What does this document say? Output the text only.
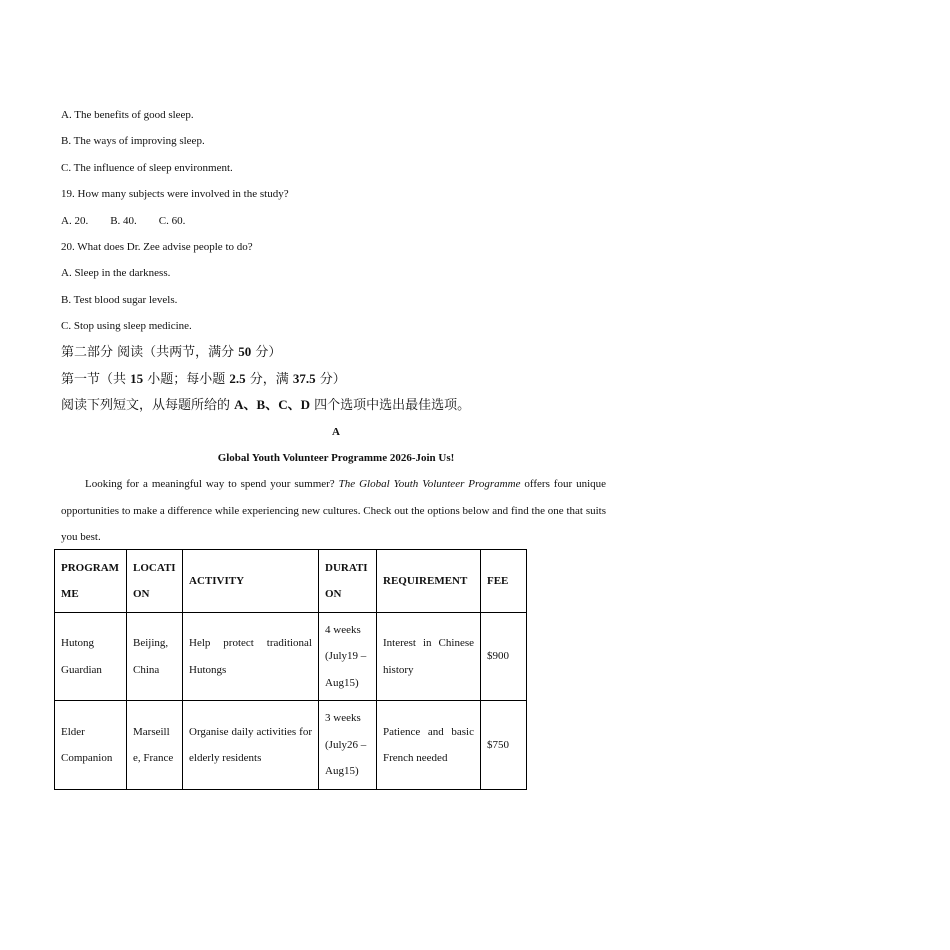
A. The benefits of good sleep.
B. The ways of improving sleep.
C. The influence of sleep environment.
19. How many subjects were involved in the study?
A. 20. B. 40. C. 60.
20. What does Dr. Zee advise people to do?
A. Sleep in the darkness.
B. Test blood sugar levels.
C. Stop using sleep medicine.
第二部分 阅读（共两节，满分 50 分）
第一节（共 15 小题；每小题 2.5 分，满 37.5 分）
阅读下列短文，从每题所给的 A、B、C、D 四个选项中选出最佳选项。
A
Global Youth Volunteer Programme 2026-Join Us!

Looking for a meaningful way to spend your summer? The Global Youth Volunteer Programme offers four unique opportunities to make a difference while experiencing new cultures. Check out the options below and find the one that suits you best.

PROGRAMME	LOCATION	ACTIVITY	DURATION	REQUIREMENT	FEE
Hutong Guardian	Beijing, China	Help protect traditional Hutongs	4 weeks (July19 – Aug15)	Interest in Chinese history	$900
Elder Companion	Marseille, France	Organise daily activities for elderly residents	3 weeks (July26 – Aug15)	Patience and basic French needed	$750
